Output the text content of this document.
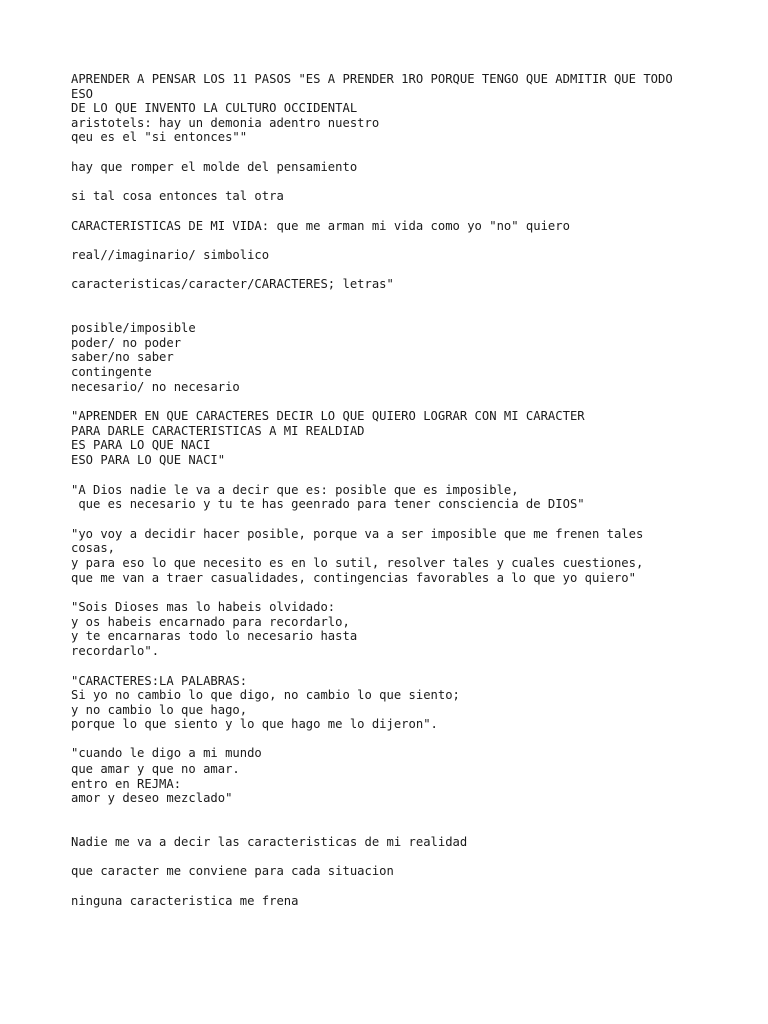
APRENDER A PENSAR LOS 11 PASOS "ES A PRENDER 1RO PORQUE TENGO QUE ADMITIR QUE TODO

ESO

DE LO QUE INVENTO LA CULTURO OCCIDENTAL

aristotels: hay un demonia adentro nuestro

qeu es el "si entonces""

hay que romper el molde del pensamiento

si tal cosa entonces tal otra

CARACTERISTICAS DE MI VIDA: que me arman mi vida como yo "no" quiero

real//imaginario/ simbolico

caracteristicas/caracter/CARACTERES; letras"

posible/imposible

poder/ no poder

saber/no saber

contingente

necesario/ no necesario

"APRENDER EN QUE CARACTERES DECIR LO QUE QUIERO LOGRAR CON MI CARACTER

PARA DARLE CARACTERISTICAS A MI REALDIAD

ES PARA LO QUE NACI

ESO PARA LO QUE NACI"

"A Dios nadie le va a decir que es: posible que es imposible,

que es necesario y tu te has geenrado para tener consciencia de DIOS"

"yo voy a decidir hacer posible, porque va a ser imposible que me frenen tales

cosas,

y para eso lo que necesito es en lo sutil, resolver tales y cuales cuestiones,

que me van a traer casualidades, contingencias favorables a lo que yo quiero"

"Sois Dioses mas lo habeis olvidado:

y os habeis encarnado para recordarlo,

y te encarnaras todo lo necesario hasta

recordarlo".

"CARACTERES:LA PALABRAS:

Si yo no cambio lo que digo, no cambio lo que siento;

y no cambio lo que hago,

porque lo que siento y lo que hago me lo dijeron".

"cuando le digo a mi mundo

que amar y que no amar.

entro en REJMA:

amor y deseo mezclado"

Nadie me va a decir las caracteristicas de mi realidad

que caracter me conviene para cada situacion

ninguna caracteristica me frena
